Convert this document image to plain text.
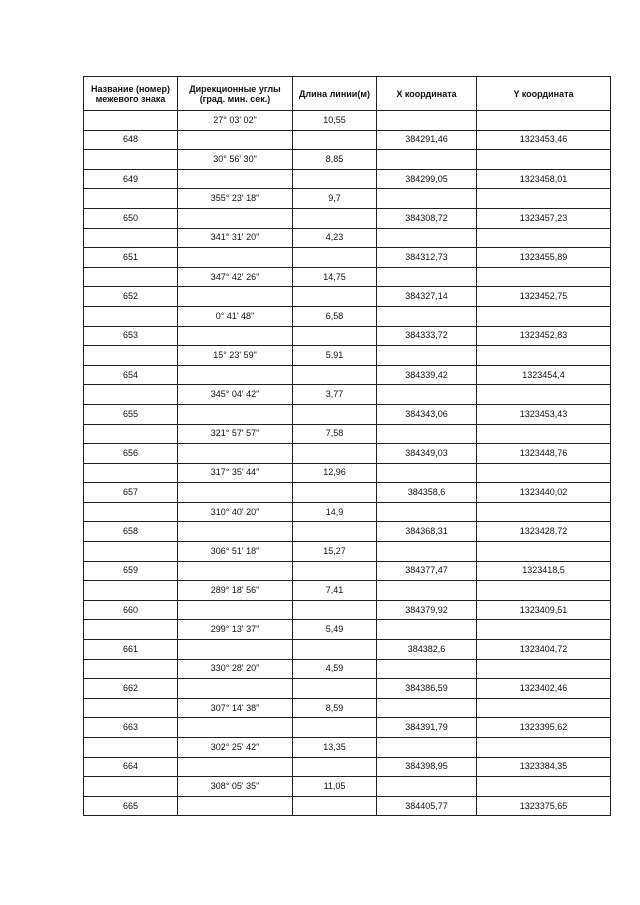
Название (номер) межевого знака	Дирекционные углы (град. мин. сек.)	Длина линии(м)	X координата	Y координата
	27° 03' 02"	10,55		
648			384291,46	1323453,46
	30° 56' 30"	8,85		
649			384299,05	1323458,01
	355° 23' 18"	9,7		
650			384308,72	1323457,23
	341° 31' 20"	4,23		
651			384312,73	1323455,89
	347° 42' 26"	14,75		
652			384327,14	1323452,75
	0° 41' 48"	6,58		
653			384333,72	1323452,83
	15° 23' 59"	5,91		
654			384339,42	1323454,4
	345° 04' 42"	3,77		
655			384343,06	1323453,43
	321° 57' 57"	7,58		
656			384349,03	1323448,76
	317° 35' 44"	12,96		
657			384358,6	1323440,02
	310° 40' 20"	14,9		
658			384368,31	1323428,72
	306° 51' 18"	15,27		
659			384377,47	1323418,5
	289° 18' 56"	7,41		
660			384379,92	1323409,51
	299° 13' 37"	5,49		
661			384382,6	1323404,72
	330° 28' 20"	4,59		
662			384386,59	1323402,46
	307° 14' 38"	8,59		
663			384391,79	1323395,62
	302° 25' 42"	13,35		
664			384398,95	1323384,35
	308° 05' 35"	11,05		
665			384405,77	1323375,65
